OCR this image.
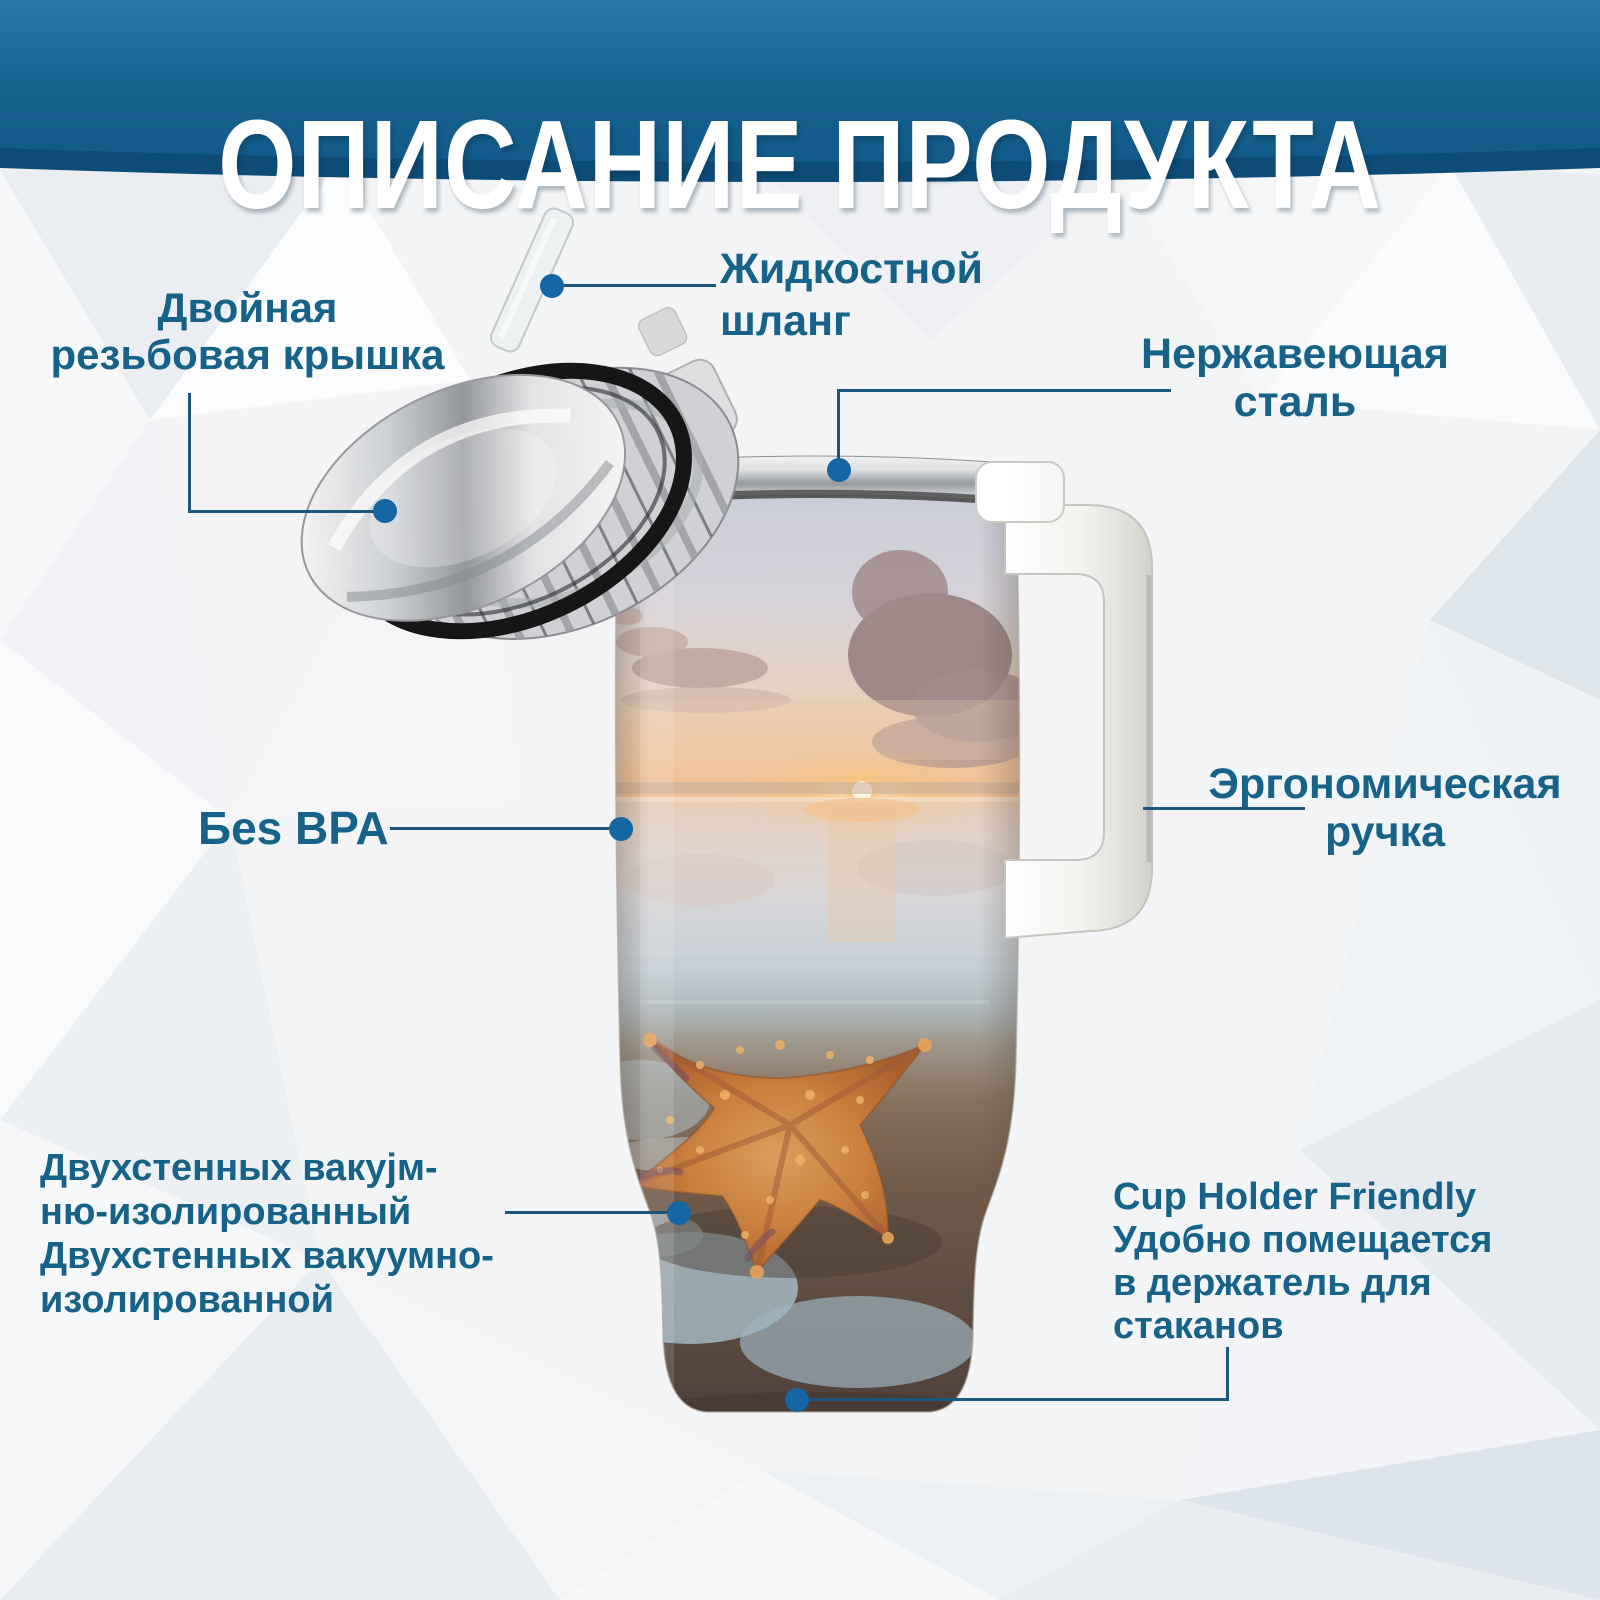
ОПИСАНИЕ ПРОДУКТА
Двойная
резьбовая крышка
Жидкостной
шланг
Нержавеющая
сталь
Бes BPA
Эргономическая
ручка
Двухстенных вакуjм-
ню-изолированный
Двухстенных вакуумно-
изолированной
Cup Holder Friendly
Удобно помещается
в держатель для
стаканов
